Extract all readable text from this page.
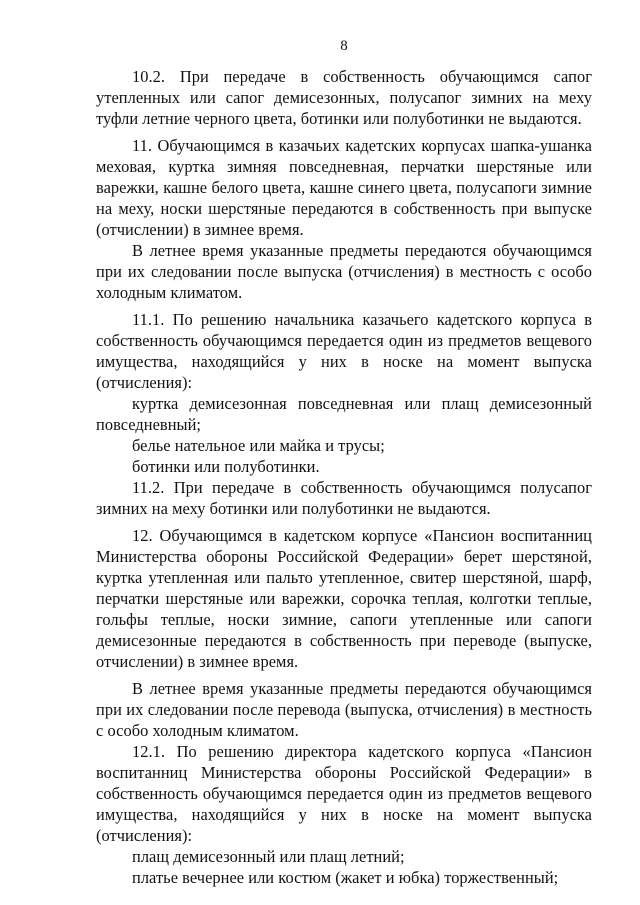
8

10.2. При передаче в собственность обучающимся сапог утепленных или сапог демисезонных, полусапог зимних на меху туфли летние черного цвета, ботинки или полуботинки не выдаются.

11. Обучающимся в казачьих кадетских корпусах шапка-ушанка меховая, куртка зимняя повседневная, перчатки шерстяные или варежки, кашне белого цвета, кашне синего цвета, полусапоги зимние на меху, носки шерстяные передаются в собственность при выпуске (отчислении) в зимнее время.

В летнее время указанные предметы передаются обучающимся при их следовании после выпуска (отчисления) в местность с особо холодным климатом.

11.1. По решению начальника казачьего кадетского корпуса в собственность обучающимся передается один из предметов вещевого имущества, находящийся у них в носке на момент выпуска (отчисления):

куртка демисезонная повседневная или плащ демисезонный повседневный;

белье нательное или майка и трусы;

ботинки или полуботинки.

11.2. При передаче в собственность обучающимся полусапог зимних на меху ботинки или полуботинки не выдаются.

12. Обучающимся в кадетском корпусе «Пансион воспитанниц Министерства обороны Российской Федерации» берет шерстяной, куртка утепленная или пальто утепленное, свитер шерстяной, шарф, перчатки шерстяные или варежки, сорочка теплая, колготки теплые, гольфы теплые, носки зимние, сапоги утепленные или сапоги демисезонные передаются в собственность при переводе (выпуске, отчислении) в зимнее время.

В летнее время указанные предметы передаются обучающимся при их следовании после перевода (выпуска, отчисления) в местность с особо холодным климатом.

12.1. По решению директора кадетского корпуса «Пансион воспитанниц Министерства обороны Российской Федерации» в собственность обучающимся передается один из предметов вещевого имущества, находящийся у них в носке на момент выпуска (отчисления):

плащ демисезонный или плащ летний;

платье вечернее или костюм (жакет и юбка) торжественный;
